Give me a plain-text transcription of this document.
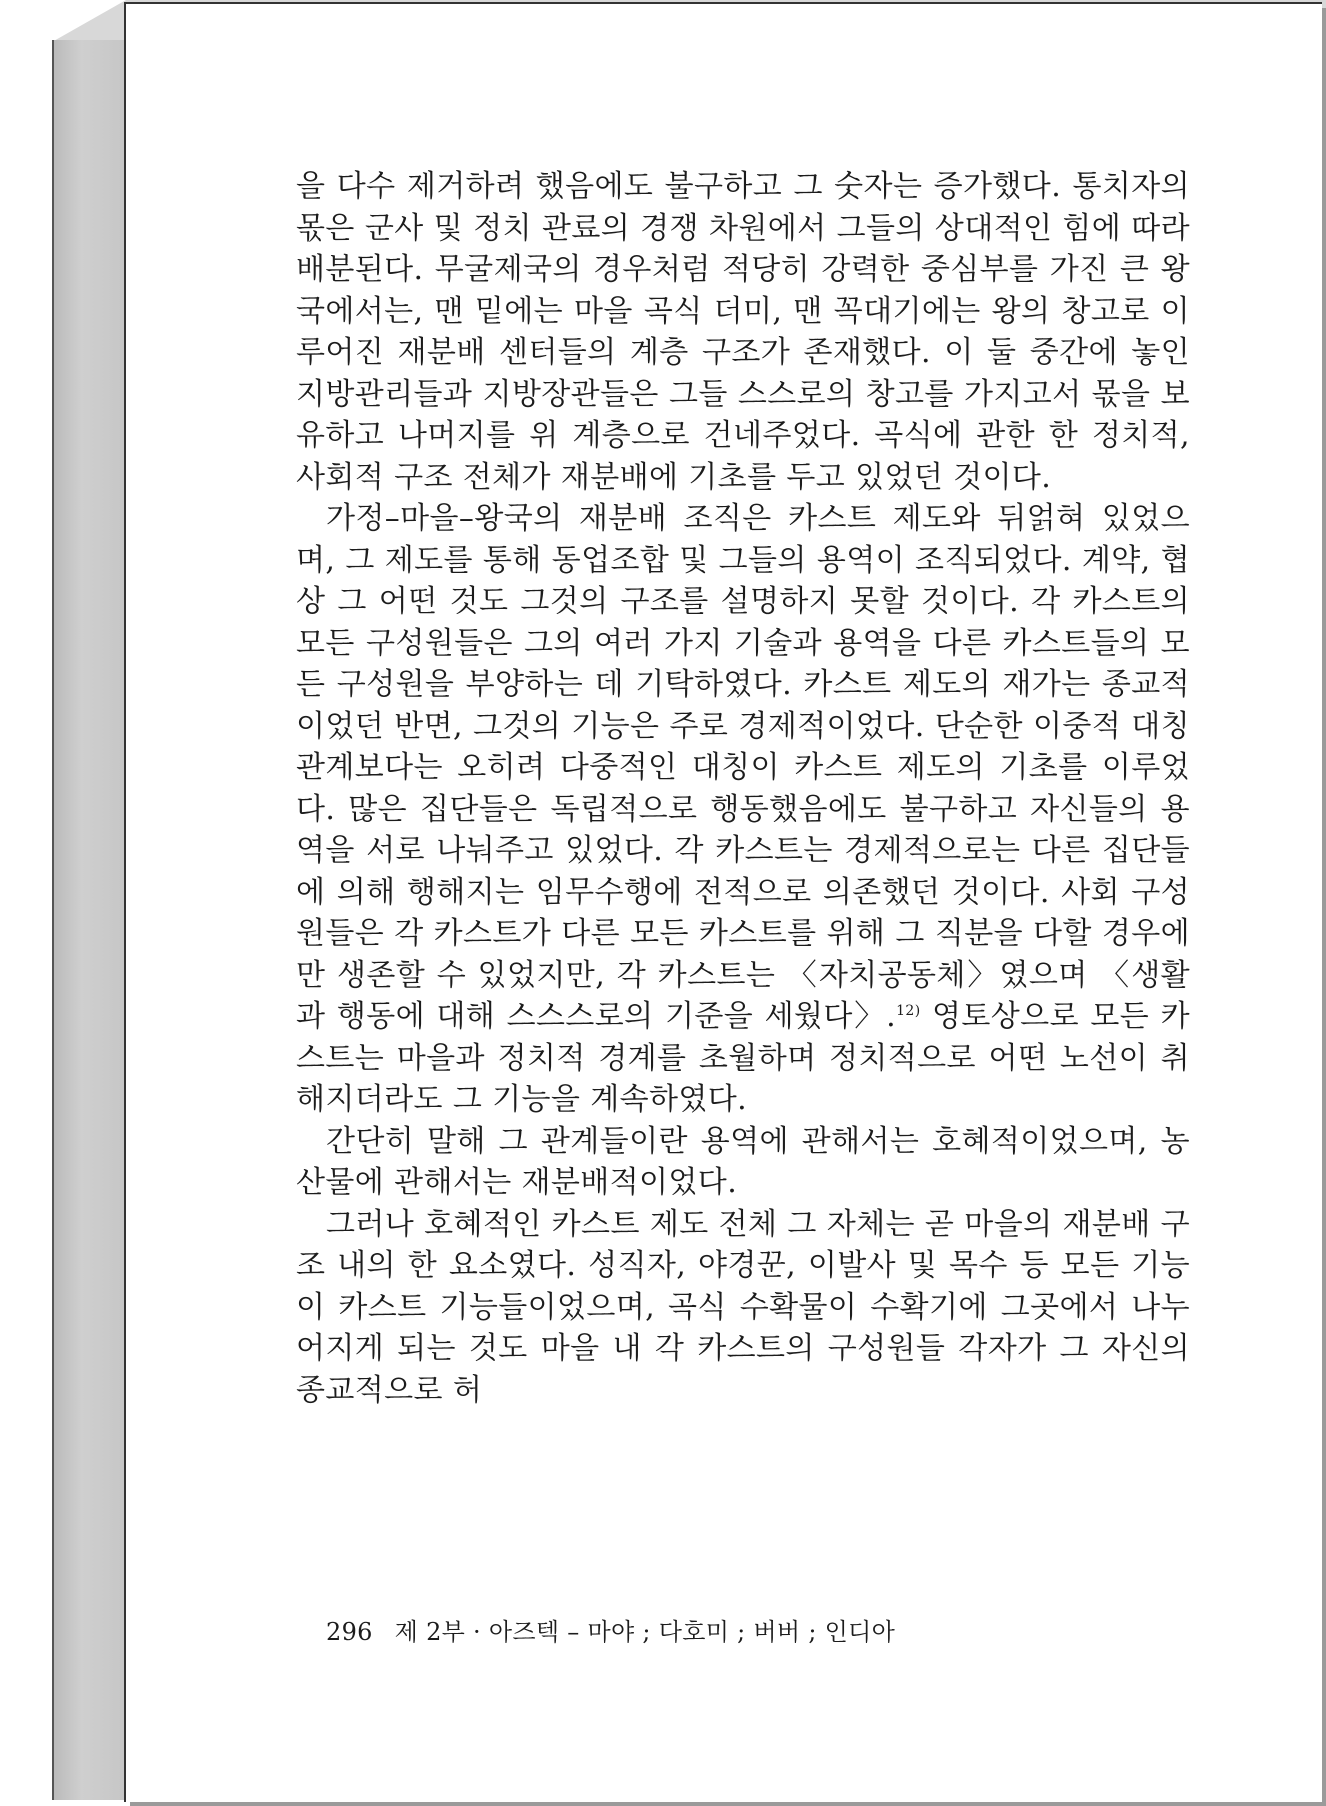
을 다수 제거하려 했음에도 불구하고 그 숫자는 증가했다. 통치자의 몫은 군사 및 정치 관료의 경쟁 차원에서 그들의 상대적인 힘에 따라 배분된다. 무굴제국의 경우처럼 적당히 강력한 중심부를 가진 큰 왕국에서는, 맨 밑에는 마을 곡식 더미, 맨 꼭대기에는 왕의 창고로 이루어진 재분배 센터들의 계층 구조가 존재했다. 이 둘 중간에 놓인 지방관리들과 지방장관들은 그들 스스로의 창고를 가지고서 몫을 보유하고 나머지를 위 계층으로 건네주었다. 곡식에 관한 한 정치적, 사회적 구조 전체가 재분배에 기초를 두고 있었던 것이다.

가정–마을–왕국의 재분배 조직은 카스트 제도와 뒤얽혀 있었으며, 그 제도를 통해 동업조합 및 그들의 용역이 조직되었다. 계약, 협상 그 어떤 것도 그것의 구조를 설명하지 못할 것이다. 각 카스트의 모든 구성원들은 그의 여러 가지 기술과 용역을 다른 카스트들의 모든 구성원을 부양하는 데 기탁하였다. 카스트 제도의 재가는 종교적이었던 반면, 그것의 기능은 주로 경제적이었다. 단순한 이중적 대칭관계보다는 오히려 다중적인 대칭이 카스트 제도의 기초를 이루었다. 많은 집단들은 독립적으로 행동했음에도 불구하고 자신들의 용역을 서로 나눠주고 있었다. 각 카스트는 경제적으로는 다른 집단들에 의해 행해지는 임무수행에 전적으로 의존했던 것이다. 사회 구성원들은 각 카스트가 다른 모든 카스트를 위해 그 직분을 다할 경우에만 생존할 수 있었지만, 각 카스트는 〈자치공동체〉였으며 〈생활과 행동에 대해 스스스로의 기준을 세웠다〉.$^{12)}$ 영토상으로 모든 카스트는 마을과 정치적 경계를 초월하며 정치적으로 어떤 노선이 취해지더라도 그 기능을 계속하였다.

간단히 말해 그 관계들이란 용역에 관해서는 호혜적이었으며, 농산물에 관해서는 재분배적이었다.

그러나 호혜적인 카스트 제도 전체 그 자체는 곧 마을의 재분배 구조 내의 한 요소였다. 성직자, 야경꾼, 이발사 및 목수 등 모든 기능이 카스트 기능들이었으며, 곡식 수확물이 수확기에 그곳에서 나누어지게 되는 것도 마을 내 각 카스트의 구성원들 각자가 그 자신의 종교적으로 허

296 제 2부 · 아즈텍 – 마야 ; 다호미 ; 버버 ; 인디아
